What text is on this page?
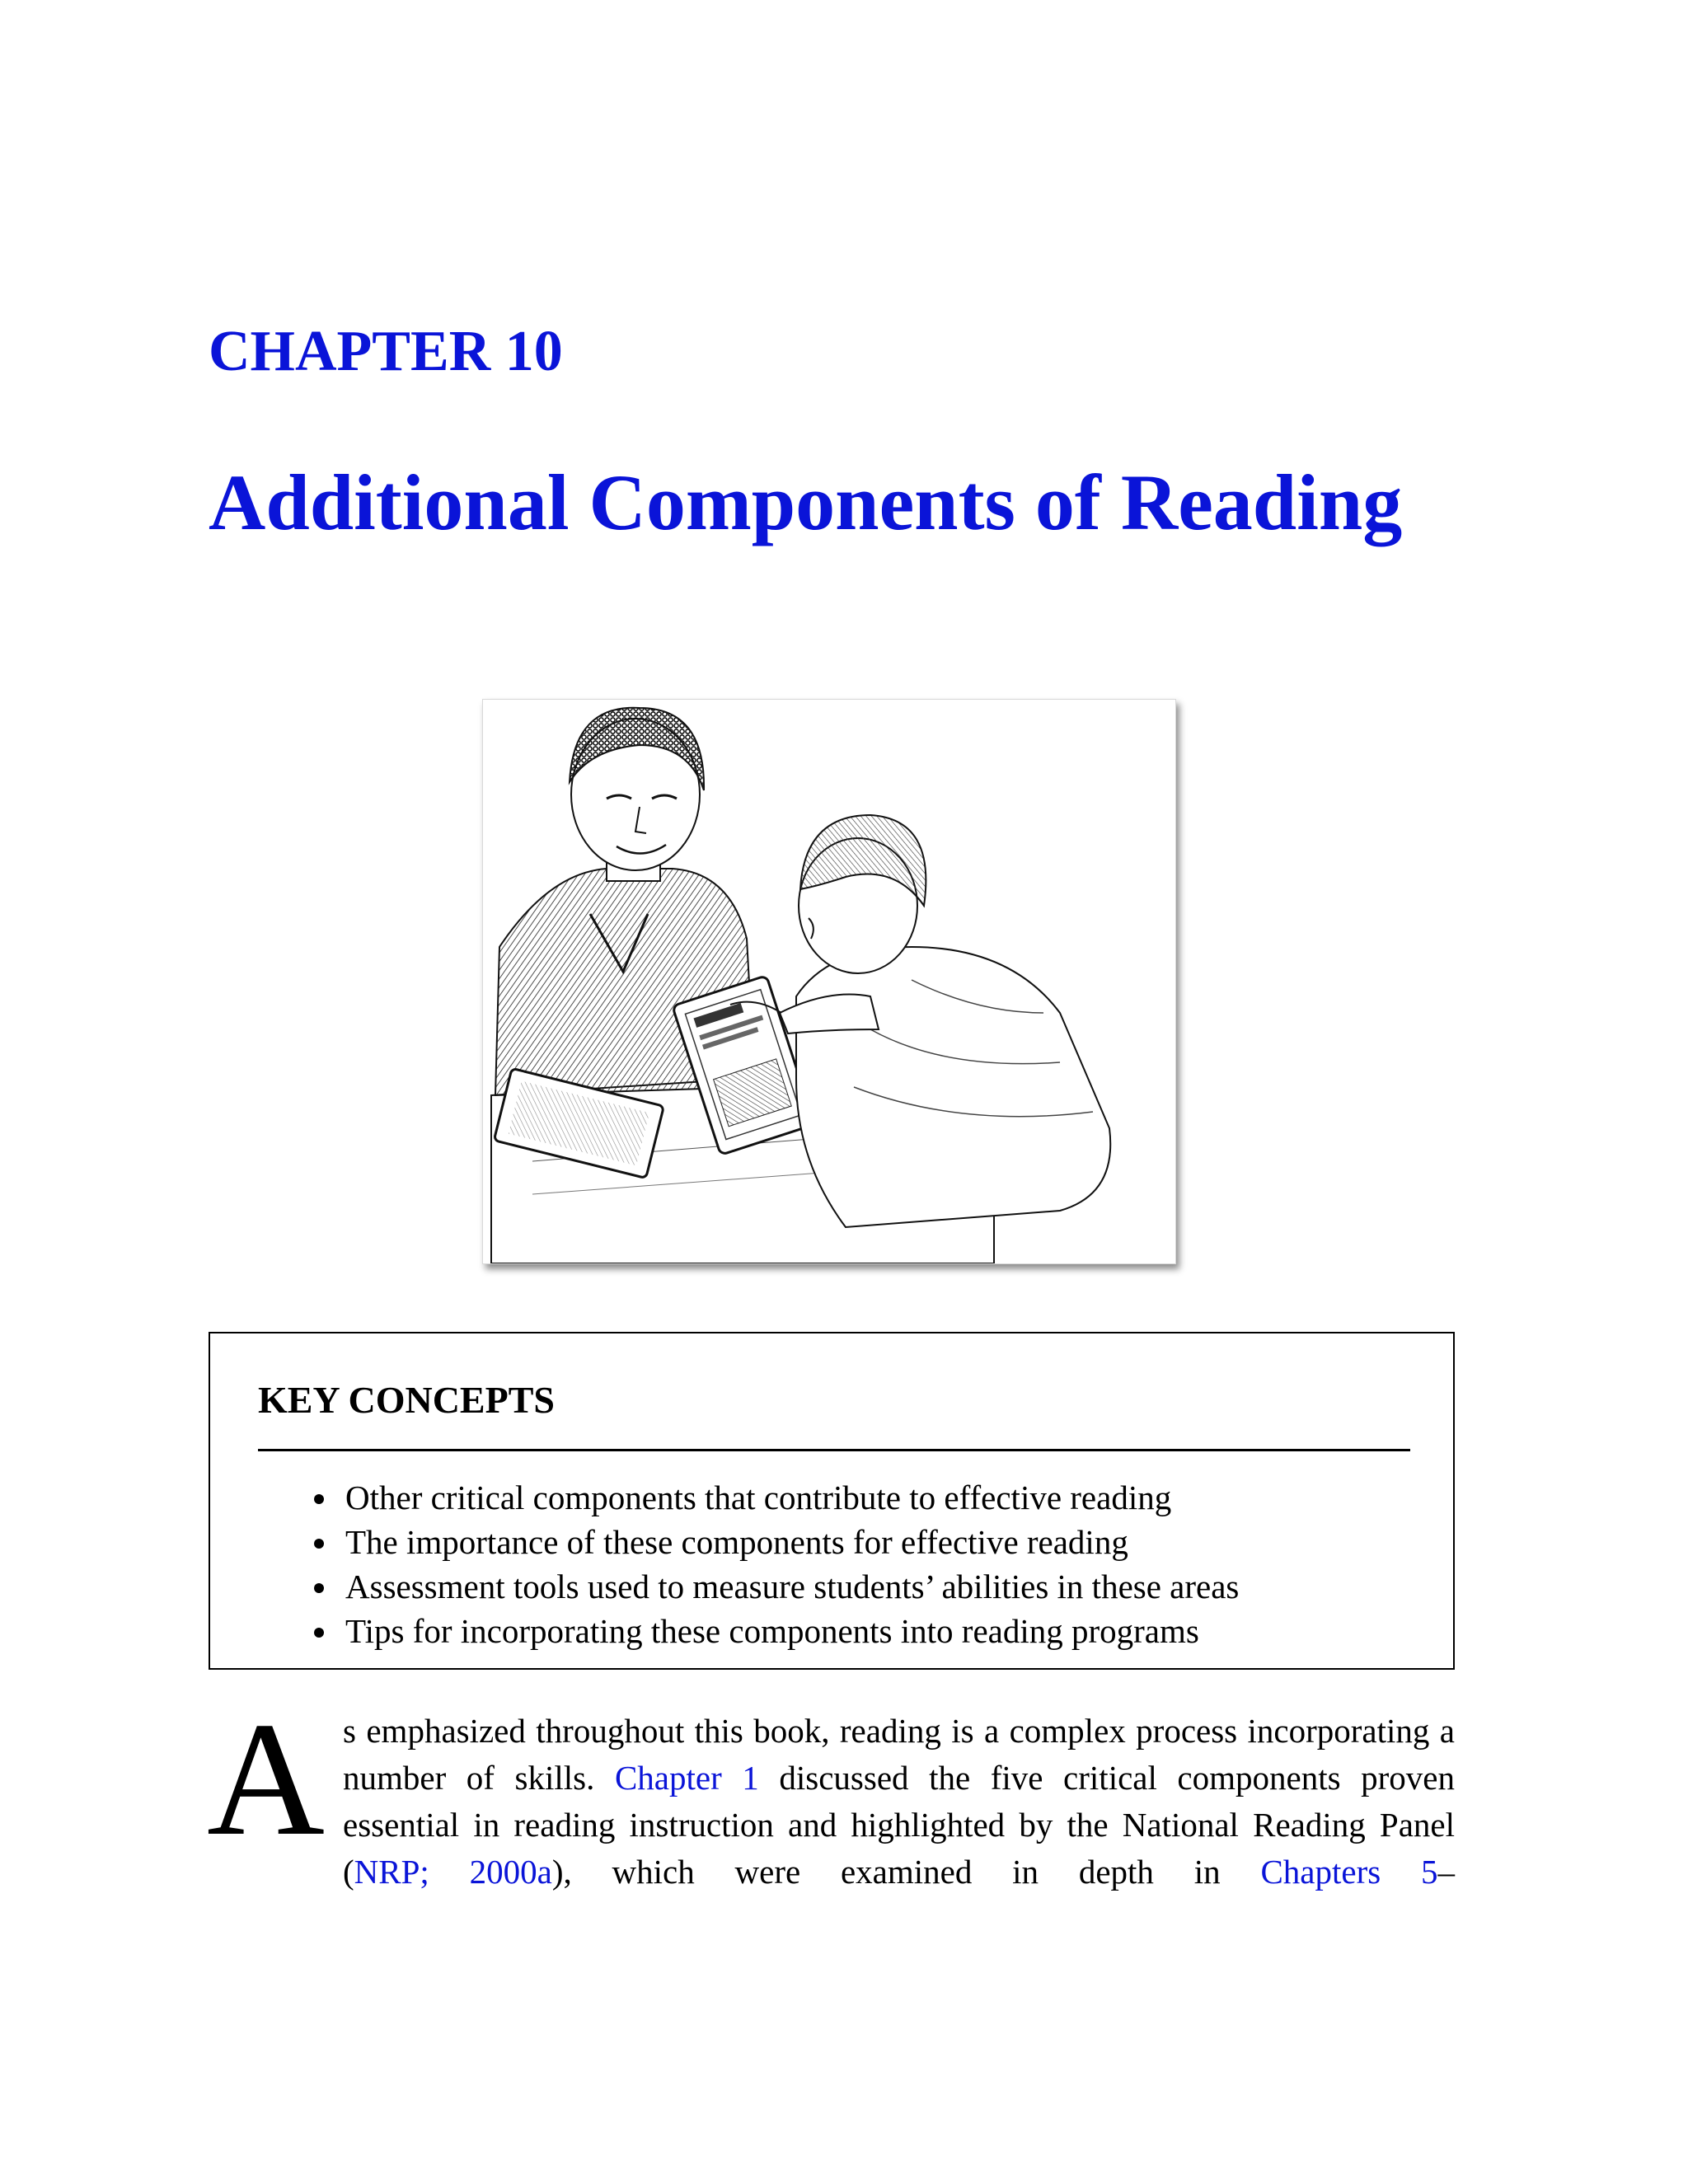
CHAPTER 10
Additional Components of Reading
KEY CONCEPTS
Other critical components that contribute to effective reading
The importance of these components for effective reading
Assessment tools used to measure students’ abilities in these areas
Tips for incorporating these components into reading programs

As emphasized throughout this book, reading is a complex process incorporating a number of skills. Chapter 1 discussed the five critical components proven essential in reading instruction and highlighted by the National Reading Panel (NRP; 2000a), which were examined in depth in Chapters 5–
